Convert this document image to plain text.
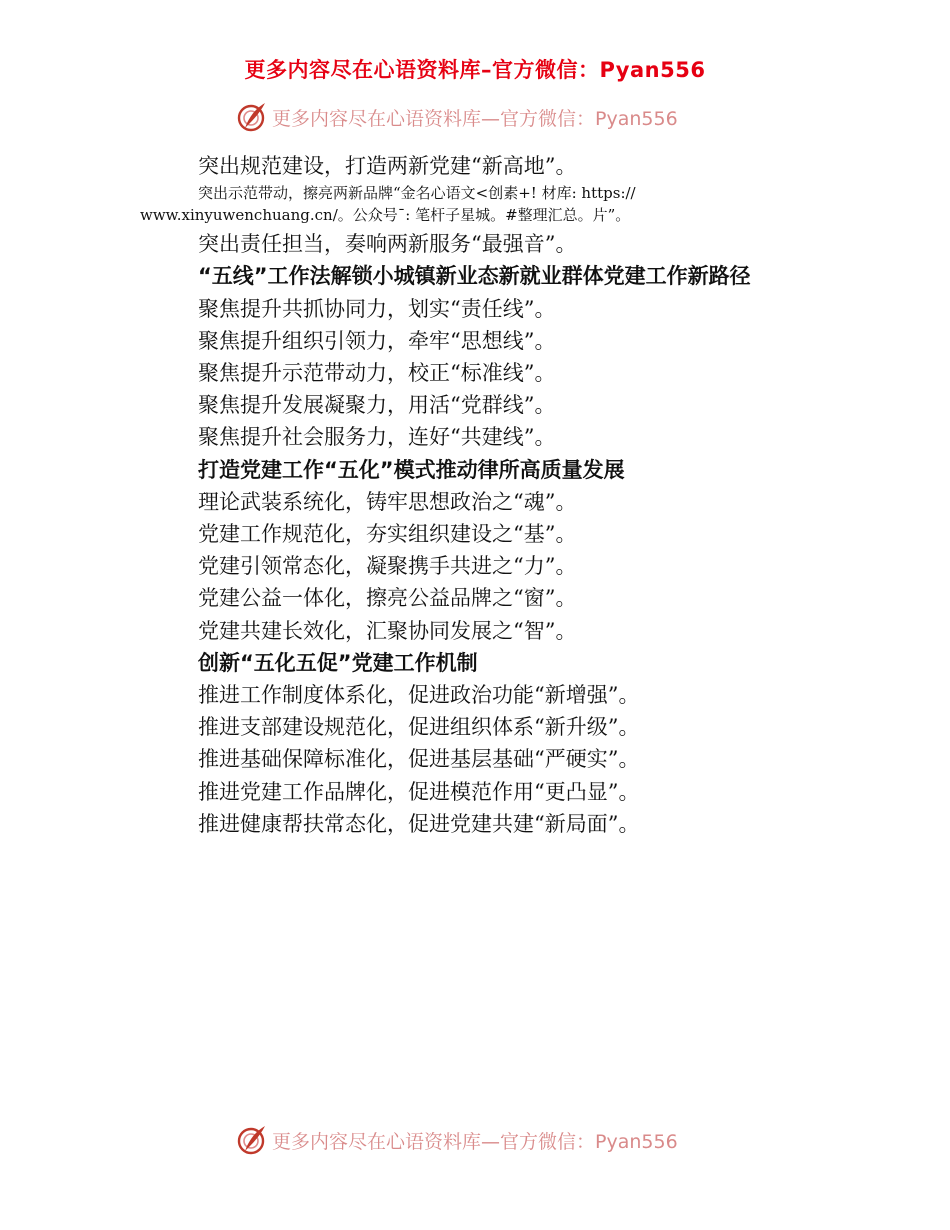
更多内容尽在心语资料库–官方微信：Pyan556
更多内容尽在心语资料库—官方微信：Pyan556
突出规范建设，打造两新党建“新高地”。
突出示范带动，擦亮两新品牌“金名心语文<创素+! 材库: https://
www.xinyuwenchuang.cn/。公众号¯: 笔杆子星城。#整理汇总。片”。
突出责任担当，奏响两新服务“最强音”。
“五线”工作法解锁小城镇新业态新就业群体党建工作新路径
聚焦提升共抓协同力，划实“责任线”。
聚焦提升组织引领力，牵牢“思想线”。
聚焦提升示范带动力，校正“标准线”。
聚焦提升发展凝聚力，用活“党群线”。
聚焦提升社会服务力，连好“共建线”。
打造党建工作“五化”模式推动律所高质量发展
理论武装系统化，铸牢思想政治之“魂”。
党建工作规范化，夯实组织建设之“基”。
党建引领常态化，凝聚携手共进之“力”。
党建公益一体化，擦亮公益品牌之“窗”。
党建共建长效化，汇聚协同发展之“智”。
创新“五化五促”党建工作机制
推进工作制度体系化，促进政治功能“新增强”。
推进支部建设规范化，促进组织体系“新升级”。
推进基础保障标准化，促进基层基础“严硬实”。
推进党建工作品牌化，促进模范作用“更凸显”。
推进健康帮扶常态化，促进党建共建“新局面”。
更多内容尽在心语资料库—官方微信：Pyan556
